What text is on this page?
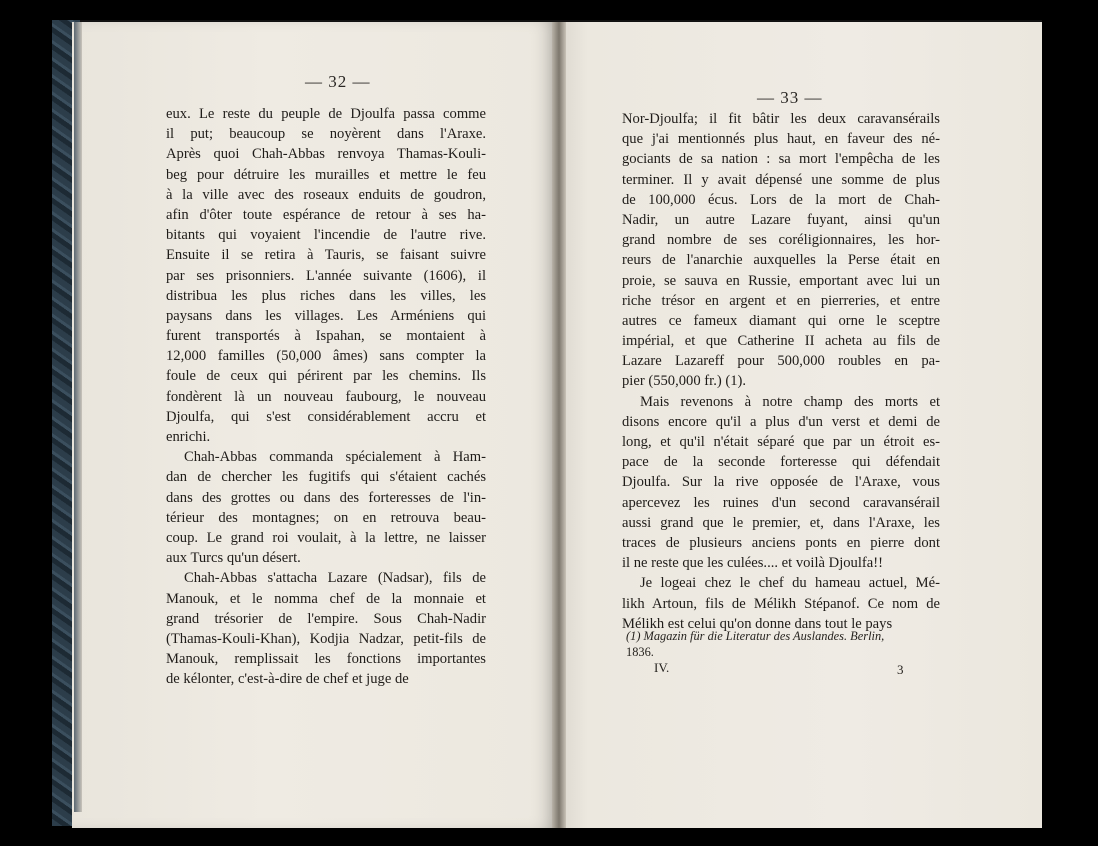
— 32 —
eux. Le reste du peuple de Djoulfa passa comme
il put; beaucoup se noyèrent dans l'Araxe.
Après quoi Chah-Abbas renvoya Thamas-Kouli-
beg pour détruire les murailles et mettre le feu
à la ville avec des roseaux enduits de goudron,
afin d'ôter toute espérance de retour à ses ha-
bitants qui voyaient l'incendie de l'autre rive.
Ensuite il se retira à Tauris, se faisant suivre
par ses prisonniers. L'année suivante (1606), il
distribua les plus riches dans les villes, les
paysans dans les villages. Les Arméniens qui
furent transportés à Ispahan, se montaient à
12,000 familles (50,000 âmes) sans compter la
foule de ceux qui périrent par les chemins. Ils
fondèrent là un nouveau faubourg, le nouveau
Djoulfa, qui s'est considérablement accru et
enrichi.
Chah-Abbas commanda spécialement à Ham-
dan de chercher les fugitifs qui s'étaient cachés
dans des grottes ou dans des forteresses de l'in-
térieur des montagnes; on en retrouva beau-
coup. Le grand roi voulait, à la lettre, ne laisser
aux Turcs qu'un désert.
Chah-Abbas s'attacha Lazare (Nadsar), fils de
Manouk, et le nomma chef de la monnaie et
grand trésorier de l'empire. Sous Chah-Nadir
(Thamas-Kouli-Khan), Kodjia Nadzar, petit-fils de
Manouk, remplissait les fonctions importantes
de kélonter, c'est-à-dire de chef et juge de
— 33 —
Nor-Djoulfa; il fit bâtir les deux caravansérails
que j'ai mentionnés plus haut, en faveur des né-
gociants de sa nation : sa mort l'empêcha de les
terminer. Il y avait dépensé une somme de plus
de 100,000 écus. Lors de la mort de Chah-
Nadir, un autre Lazare fuyant, ainsi qu'un
grand nombre de ses coréligionnaires, les hor-
reurs de l'anarchie auxquelles la Perse était en
proie, se sauva en Russie, emportant avec lui un
riche trésor en argent et en pierreries, et entre
autres ce fameux diamant qui orne le sceptre
impérial, et que Catherine II acheta au fils de
Lazare Lazareff pour 500,000 roubles en pa-
pier (550,000 fr.) (1).
Mais revenons à notre champ des morts et
disons encore qu'il a plus d'un verst et demi de
long, et qu'il n'était séparé que par un étroit es-
pace de la seconde forteresse qui défendait
Djoulfa. Sur la rive opposée de l'Araxe, vous
apercevez les ruines d'un second caravansérail
aussi grand que le premier, et, dans l'Araxe, les
traces de plusieurs anciens ponts en pierre dont
il ne reste que les culées.... et voilà Djoulfa!!
Je logeai chez le chef du hameau actuel, Mé-
likh Artoun, fils de Mélikh Stépanof. Ce nom de
Mélikh est celui qu'on donne dans tout le pays
(1) Magazin für die Literatur des Auslandes. Berlin,
1836.
IV.	3
